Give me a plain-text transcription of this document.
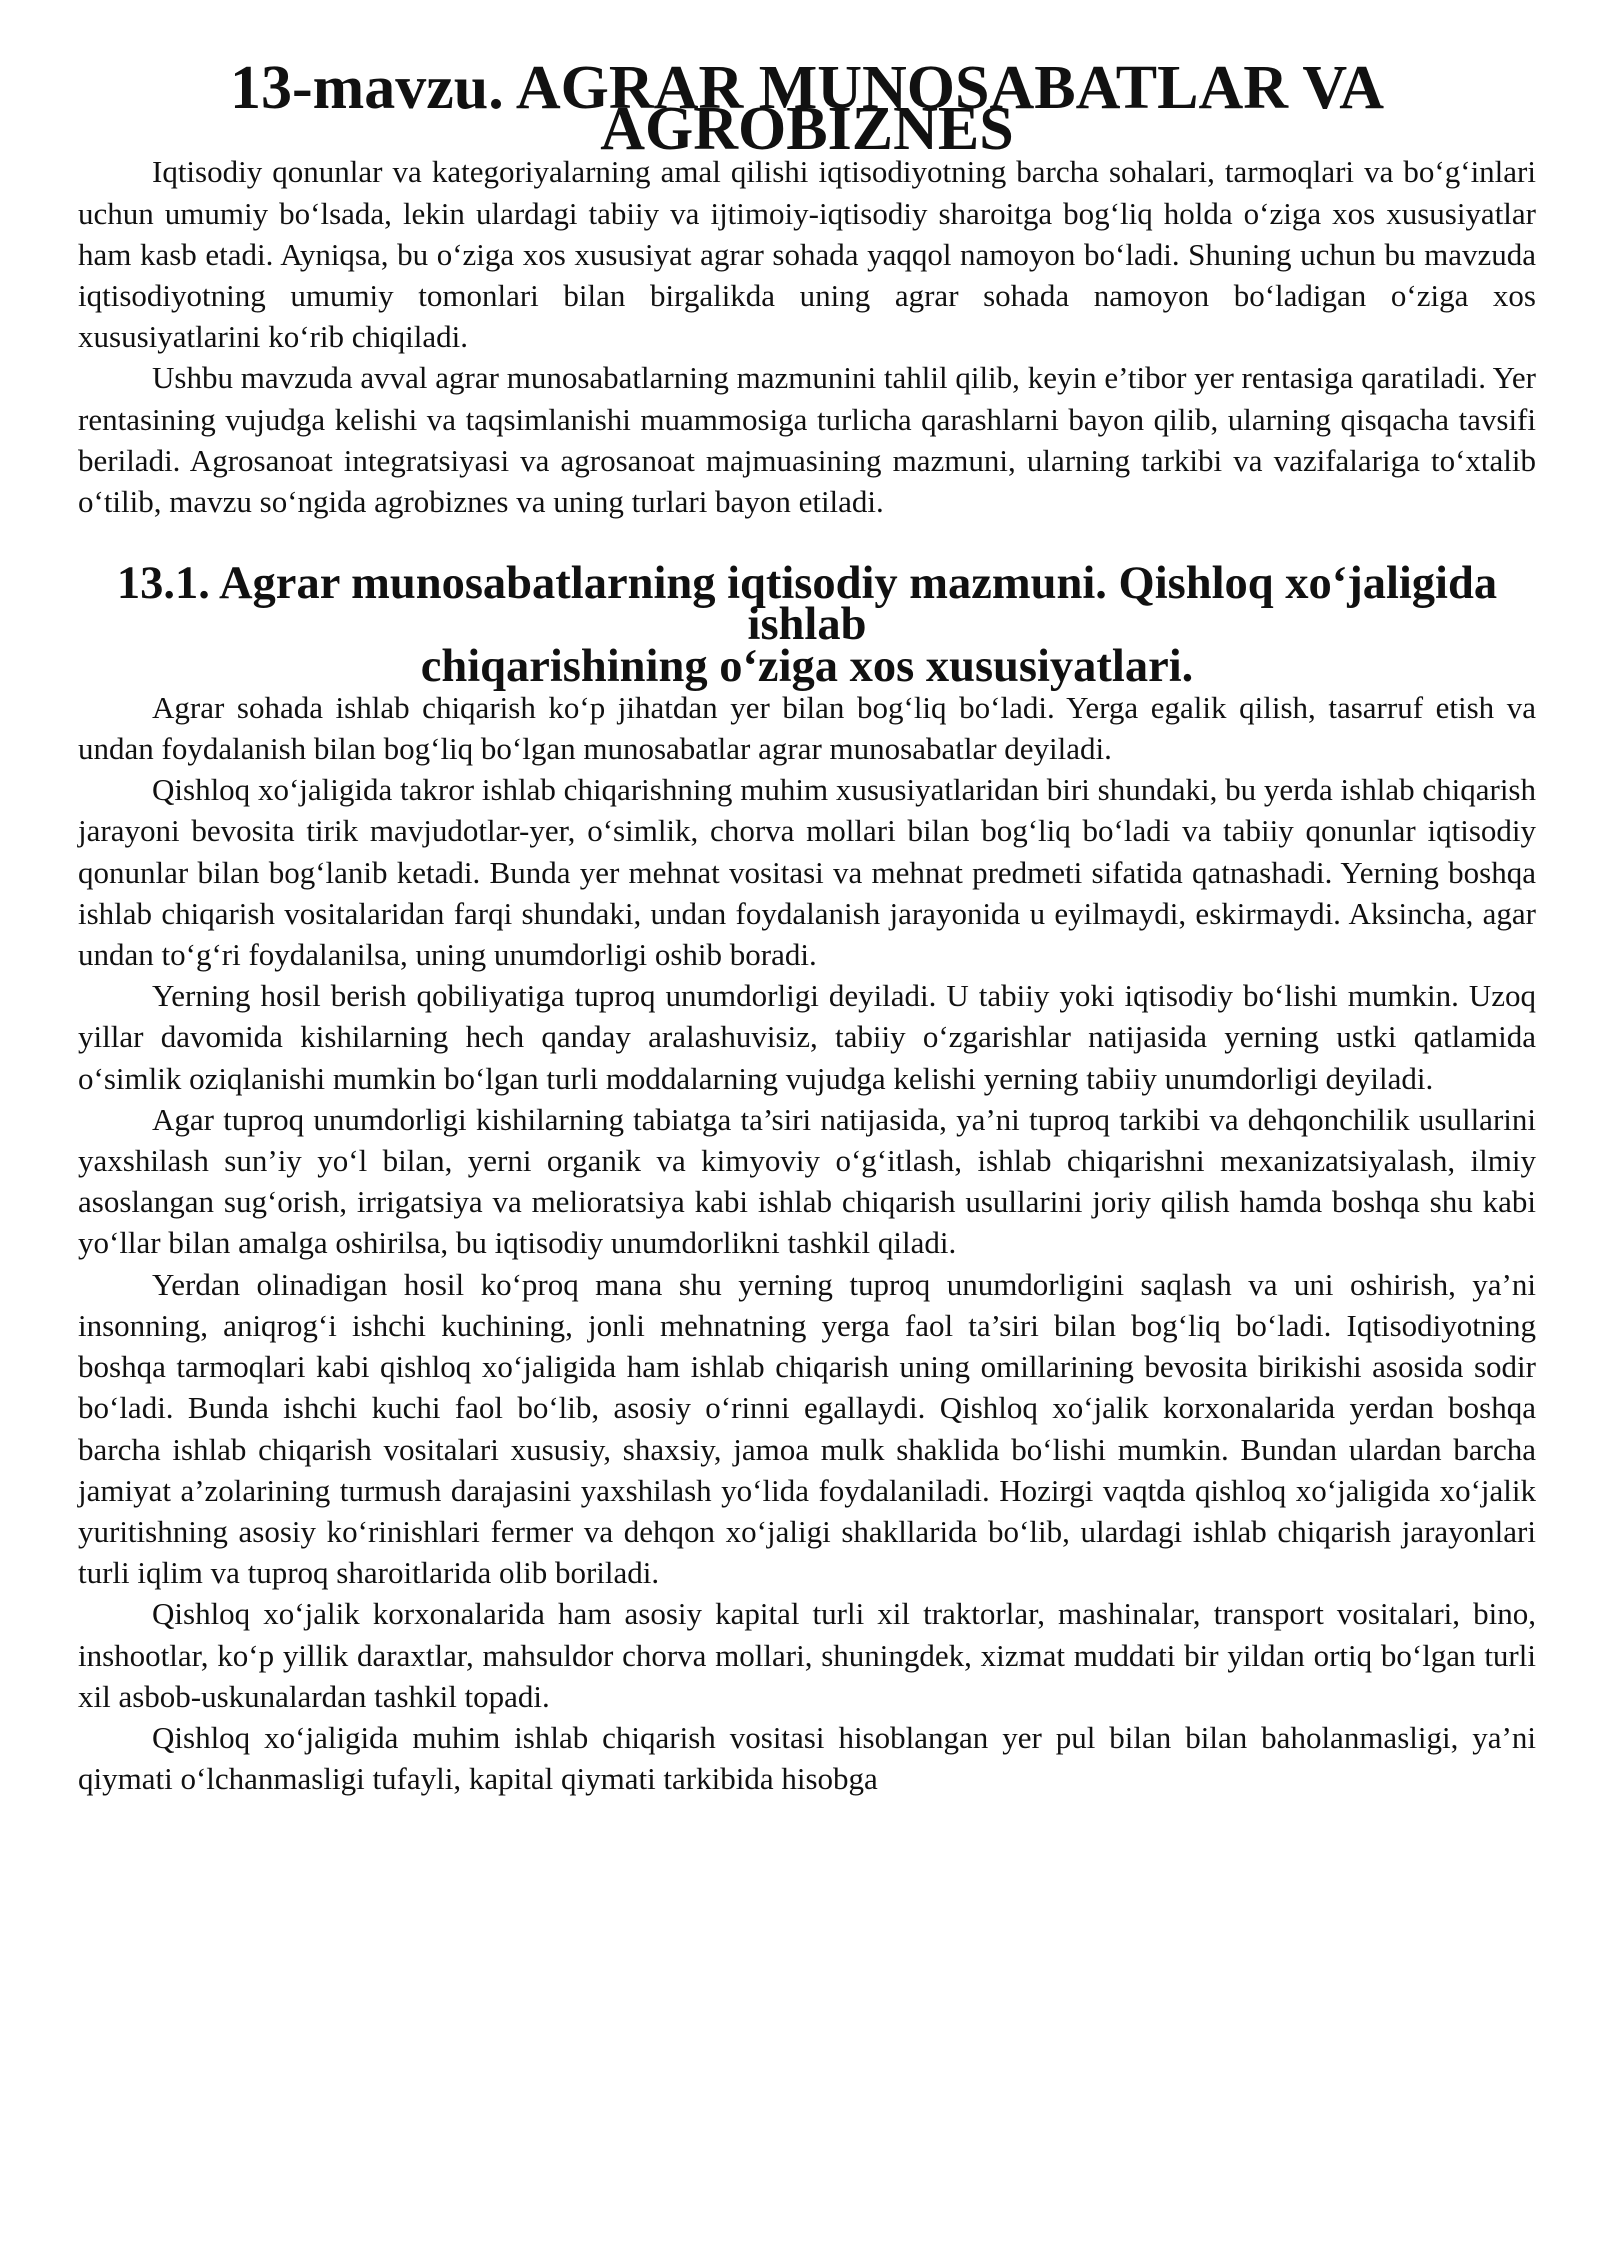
13-mavzu. AGRAR MUNOSABATLAR VA AGROBIZNES

Iqtisodiy qonunlar va kategoriyalarning amal qilishi iqtisodiyotning barcha sohalari, tarmoqlari va bo‘g‘inlari uchun umumiy bo‘lsada, lekin ulardagi tabiiy va ijtimoiy-iqtisodiy sharoitga bog‘liq holda o‘ziga xos xususiyatlar ham kasb etadi. Ayniqsa, bu o‘ziga xos xususiyat agrar sohada yaqqol namoyon bo‘ladi. Shuning uchun bu mavzuda iqtisodiyotning umumiy tomonlari bilan birgalikda uning agrar sohada namoyon bo‘ladigan o‘ziga xos xususiyatlarini ko‘rib chiqiladi.

Ushbu mavzuda avval agrar munosabatlarning mazmunini tahlil qilib, keyin e’tibor yer rentasiga qaratiladi. Yer rentasining vujudga kelishi va taqsimlanishi muammosiga turlicha qarashlarni bayon qilib, ularning qisqacha tavsifi beriladi. Agrosanoat integratsiyasi va agrosanoat majmuasining mazmuni, ularning tarkibi va vazifalariga to‘xtalib o‘tilib, mavzu so‘ngida agrobiznes va uning turlari bayon etiladi.

13.1. Agrar munosabatlarning iqtisodiy mazmuni. Qishloq xo‘jaligida ishlab
chiqarishining o‘ziga xos xususiyatlari.

Agrar sohada ishlab chiqarish ko‘p jihatdan yer bilan bog‘liq bo‘ladi. Yerga egalik qilish, tasarruf etish va undan foydalanish bilan bog‘liq bo‘lgan munosabatlar agrar munosabatlar deyiladi.

Qishloq xo‘jaligida takror ishlab chiqarishning muhim xususiyatlaridan biri shundaki, bu yerda ishlab chiqarish jarayoni bevosita tirik mavjudotlar-yer, o‘simlik, chorva mollari bilan bog‘liq bo‘ladi va tabiiy qonunlar iqtisodiy qonunlar bilan bog‘lanib ketadi. Bunda yer mehnat vositasi va mehnat predmeti sifatida qatnashadi. Yerning boshqa ishlab chiqarish vositalaridan farqi shundaki, undan foydalanish jarayonida u eyilmaydi, eskirmaydi. Aksincha, agar undan to‘g‘ri foydalanilsa, uning unumdorligi oshib boradi.

Yerning hosil berish qobiliyatiga tuproq unumdorligi deyiladi. U tabiiy yoki iqtisodiy bo‘lishi mumkin. Uzoq yillar davomida kishilarning hech qanday aralashuvisiz, tabiiy o‘zgarishlar natijasida yerning ustki qatlamida o‘simlik oziqlanishi mumkin bo‘lgan turli moddalarning vujudga kelishi yerning tabiiy unumdorligi deyiladi.

Agar tuproq unumdorligi kishilarning tabiatga ta’siri natijasida, ya’ni tuproq tarkibi va dehqonchilik usullarini yaxshilash sun’iy yo‘l bilan, yerni organik va kimyoviy o‘g‘itlash, ishlab chiqarishni mexanizatsiyalash, ilmiy asoslangan sug‘orish, irrigatsiya va melioratsiya kabi ishlab chiqarish usullarini joriy qilish hamda boshqa shu kabi yo‘llar bilan amalga oshirilsa, bu iqtisodiy unumdorlikni tashkil qiladi.

Yerdan olinadigan hosil ko‘proq mana shu yerning tuproq unumdorligini saqlash va uni oshirish, ya’ni insonning, aniqrog‘i ishchi kuchining, jonli mehnatning yerga faol ta’siri bilan bog‘liq bo‘ladi. Iqtisodiyotning boshqa tarmoqlari kabi qishloq xo‘jaligida ham ishlab chiqarish uning omillarining bevosita birikishi asosida sodir bo‘ladi. Bunda ishchi kuchi faol bo‘lib, asosiy o‘rinni egallaydi. Qishloq xo‘jalik korxonalarida yerdan boshqa barcha ishlab chiqarish vositalari xususiy, shaxsiy, jamoa mulk shaklida bo‘lishi mumkin. Bundan ulardan barcha jamiyat a’zolarining turmush darajasini yaxshilash yo‘lida foydalaniladi. Hozirgi vaqtda qishloq xo‘jaligida xo‘jalik yuritishning asosiy ko‘rinishlari fermer va dehqon xo‘jaligi shakllarida bo‘lib, ulardagi ishlab chiqarish jarayonlari turli iqlim va tuproq sharoitlarida olib boriladi.

Qishloq xo‘jalik korxonalarida ham asosiy kapital turli xil traktorlar, mashinalar, transport vositalari, bino, inshootlar, ko‘p yillik daraxtlar, mahsuldor chorva mollari, shuningdek, xizmat muddati bir yildan ortiq bo‘lgan turli xil asbob-uskunalardan tashkil topadi.

Qishloq xo‘jaligida muhim ishlab chiqarish vositasi hisoblangan yer pul bilan bilan baholanmasligi, ya’ni qiymati o‘lchanmasligi tufayli, kapital qiymati tarkibida hisobga
